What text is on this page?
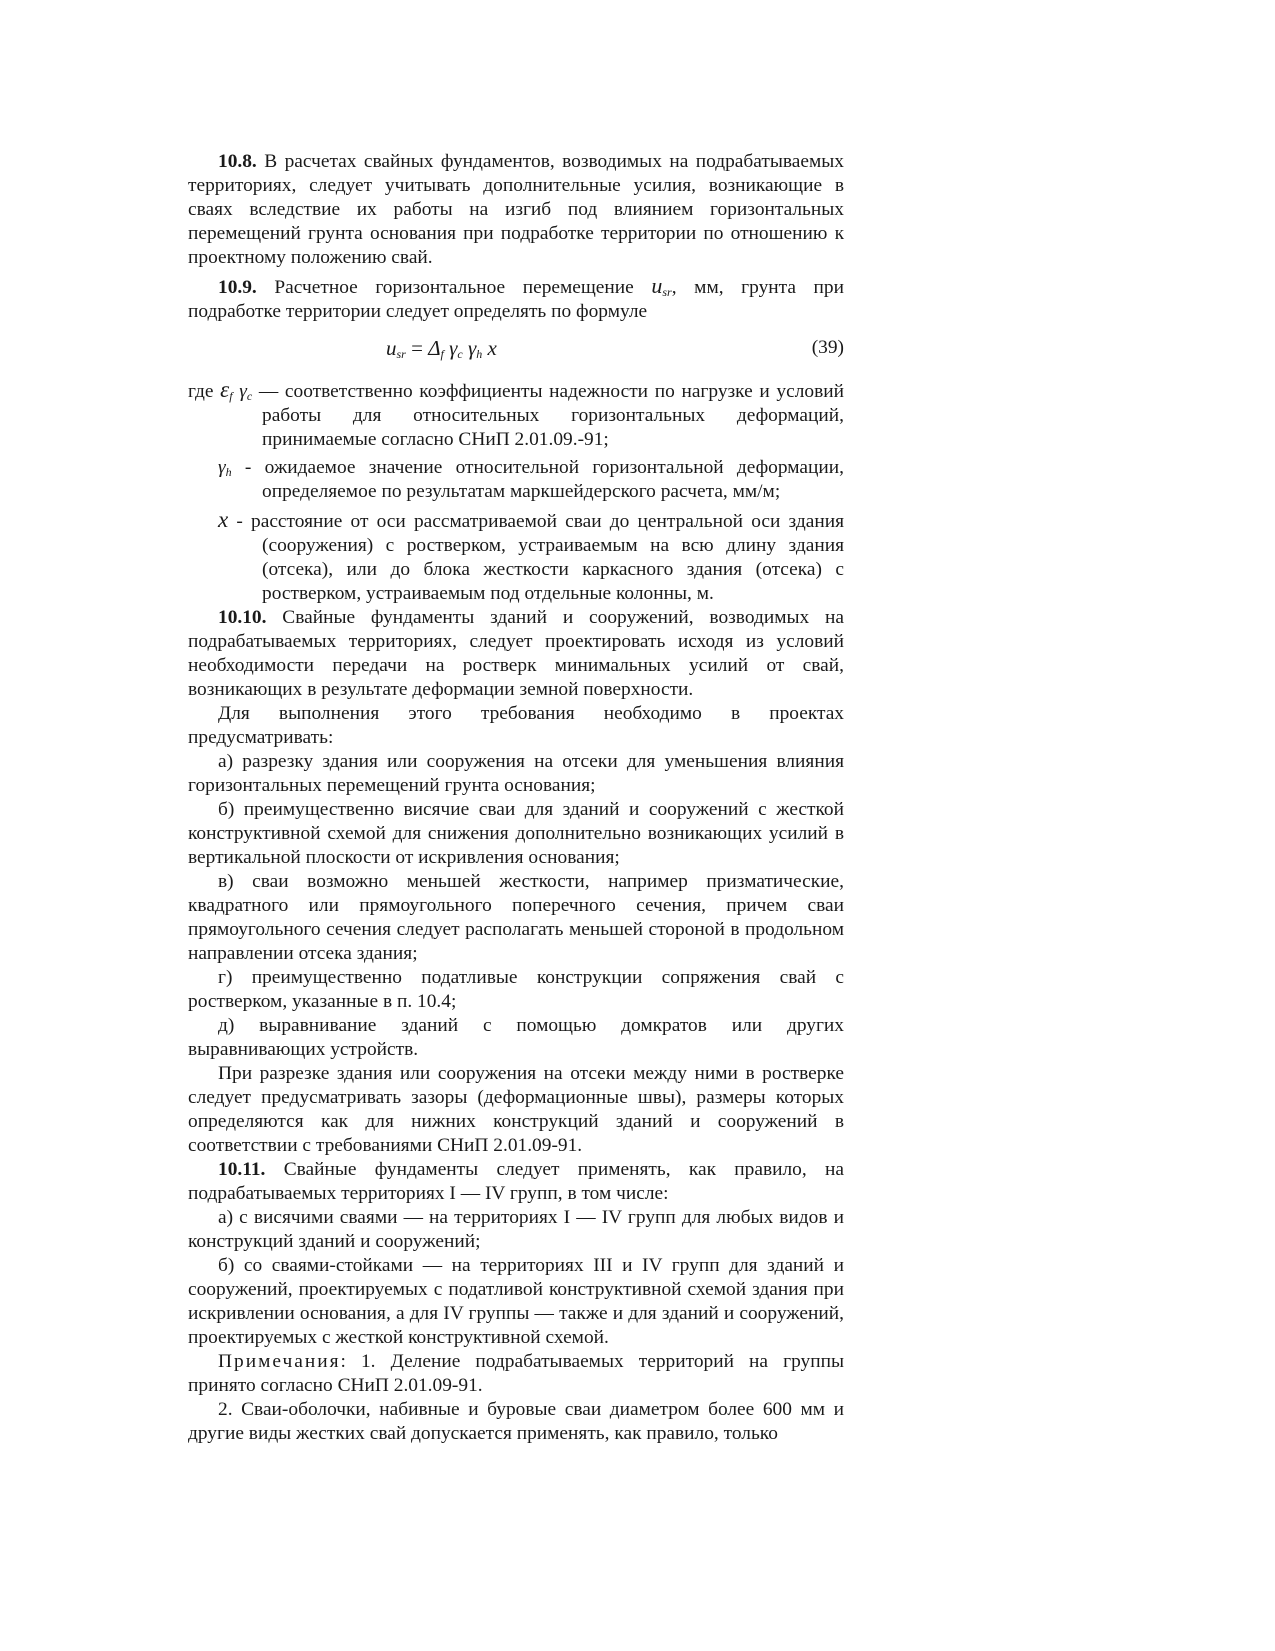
10.8. В расчетах свайных фундаментов, возводимых на подрабатываемых территориях, следует учитывать дополнительные усилия, возникающие в сваях вследствие их работы на изгиб под влиянием горизонтальных перемещений грунта основания при подработке территории по отношению к проектному положению свай.

10.9. Расчетное горизонтальное перемещение $u_{sr}$, мм, грунта при подработке территории следует определять по формуле

$u_{sr} = \Delta_f$ $\gamma_c$ $\gamma_h$ x	(39)

где $\varepsilon_f$ $\gamma_c$ — соответственно коэффициенты надежности по нагрузке и условий работы для относительных горизонтальных деформаций, принимаемые согласно СНиП 2.01.09.-91;

$\gamma_h$ - ожидаемое значение относительной горизонтальной деформации, определяемое по результатам маркшейдерского расчета, мм/м;

x - расстояние от оси рассматриваемой сваи до центральной оси здания (сооружения) с ростверком, устраиваемым на всю длину здания (отсека), или до блока жесткости каркасного здания (отсека) с ростверком, устраиваемым под отдельные колонны, м.

10.10. Свайные фундаменты зданий и сооружений, возводимых на подрабатываемых территориях, следует проектировать исходя из условий необходимости передачи на ростверк минимальных усилий от свай, возникающих в результате деформации земной поверхности.

Для выполнения этого требования необходимо в проектах предусматривать:

а) разрезку здания или сооружения на отсеки для уменьшения влияния горизонтальных перемещений грунта основания;

б) преимущественно висячие сваи для зданий и сооружений с жесткой конструктивной схемой для снижения дополнительно возникающих усилий в вертикальной плоскости от искривления основания;

в) сваи возможно меньшей жесткости, например призматические, квадратного или прямоугольного поперечного сечения, причем сваи прямоугольного сечения следует располагать меньшей стороной в продольном направлении отсека здания;

г) преимущественно податливые конструкции сопряжения свай с ростверком, указанные в п. 10.4;

д) выравнивание зданий с помощью домкратов или других выравнивающих устройств.

При разрезке здания или сооружения на отсеки между ними в ростверке следует предусматривать зазоры (деформационные швы), размеры которых определяются как для нижних конструкций зданий и сооружений в соответствии с требованиями СНиП 2.01.09-91.

10.11. Свайные фундаменты следует применять, как правило, на подрабатываемых территориях I — IV групп, в том числе:

а) с висячими сваями — на территориях I — IV групп для любых видов и конструкций зданий и сооружений;

б) со сваями-стойками — на территориях III и IV групп для зданий и сооружений, проектируемых с податливой конструктивной схемой здания при искривлении основания, а для IV группы — также и для зданий и сооружений, проектируемых с жесткой конструктивной схемой.

Примечания: 1. Деление подрабатываемых территорий на группы принято согласно СНиП 2.01.09-91.

2. Сваи-оболочки, набивные и буровые сваи диаметром более 600 мм и другие виды жестких свай допускается применять, как правило, только
